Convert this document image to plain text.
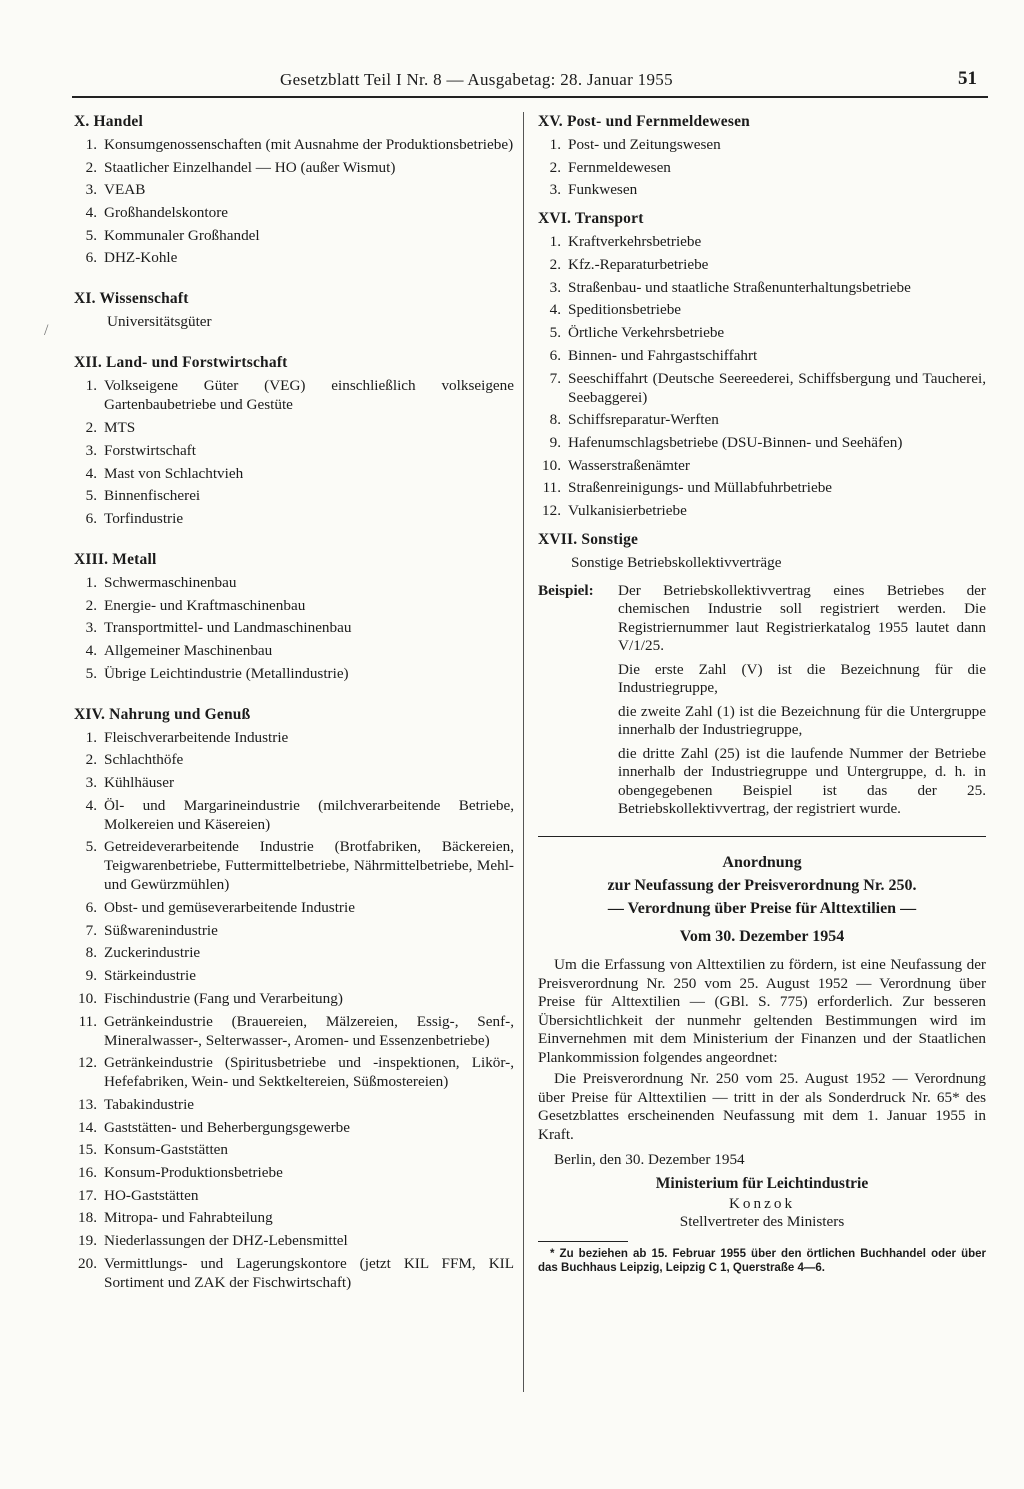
Gesetzblatt Teil I Nr. 8 — Ausgabetag: 28. Januar 1955	51
/
X. Handel
1. Konsumgenossenschaften (mit Ausnahme der Produktionsbetriebe)
2. Staatlicher Einzelhandel — HO (außer Wismut)
3. VEAB
4. Großhandelskontore
5. Kommunaler Großhandel
6. DHZ-Kohle
XI. Wissenschaft
Universitätsgüter
XII. Land- und Forstwirtschaft
1. Volkseigene Güter (VEG) einschließlich volkseigene Gartenbaubetriebe und Gestüte
2. MTS
3. Forstwirtschaft
4. Mast von Schlachtvieh
5. Binnenfischerei
6. Torfindustrie
XIII. Metall
1. Schwermaschinenbau
2. Energie- und Kraftmaschinenbau
3. Transportmittel- und Landmaschinenbau
4. Allgemeiner Maschinenbau
5. Übrige Leichtindustrie (Metallindustrie)
XIV. Nahrung und Genuß
1. Fleischverarbeitende Industrie
2. Schlachthöfe
3. Kühlhäuser
4. Öl- und Margarineindustrie (milchverarbeitende Betriebe, Molkereien und Käsereien)
5. Getreideverarbeitende Industrie (Brotfabriken, Bäckereien, Teigwarenbetriebe, Futtermittelbetriebe, Nährmittelbetriebe, Mehl- und Gewürzmühlen)
6. Obst- und gemüseverarbeitende Industrie
7. Süßwarenindustrie
8. Zuckerindustrie
9. Stärkeindustrie
10. Fischindustrie (Fang und Verarbeitung)
11. Getränkeindustrie (Brauereien, Mälzereien, Essig-, Senf-, Mineralwasser-, Selterwasser-, Aromen- und Essenzenbetriebe)
12. Getränkeindustrie (Spiritusbetriebe und -inspektionen, Likör-, Hefefabriken, Wein- und Sektkeltereien, Süßmostereien)
13. Tabakindustrie
14. Gaststätten- und Beherbergungsgewerbe
15. Konsum-Gaststätten
16. Konsum-Produktionsbetriebe
17. HO-Gaststätten
18. Mitropa- und Fahrabteilung
19. Niederlassungen der DHZ-Lebensmittel
20. Vermittlungs- und Lagerungskontore (jetzt KIL FFM, KIL Sortiment und ZAK der Fischwirtschaft)
XV. Post- und Fernmeldewesen
1. Post- und Zeitungswesen
2. Fernmeldewesen
3. Funkwesen
XVI. Transport
1. Kraftverkehrsbetriebe
2. Kfz.-Reparaturbetriebe
3. Straßenbau- und staatliche Straßenunterhaltungsbetriebe
4. Speditionsbetriebe
5. Örtliche Verkehrsbetriebe
6. Binnen- und Fahrgastschiffahrt
7. Seeschiffahrt (Deutsche Seereederei, Schiffsbergung und Taucherei, Seebaggerei)
8. Schiffsreparatur-Werften
9. Hafenumschlagsbetriebe (DSU-Binnen- und Seehäfen)
10. Wasserstraßenämter
11. Straßenreinigungs- und Müllabfuhrbetriebe
12. Vulkanisierbetriebe
XVII. Sonstige
Sonstige Betriebskollektivverträge
Beispiel:	Der Betriebskollektivvertrag eines Betriebes der chemischen Industrie soll registriert werden. Die Registriernummer laut Registrierkatalog 1955 lautet dann V/1/25.

Die erste Zahl (V) ist die Bezeichnung für die Industriegruppe,

die zweite Zahl (1) ist die Bezeichnung für die Untergruppe innerhalb der Industriegruppe,

die dritte Zahl (25) ist die laufende Nummer der Betriebe innerhalb der Industriegruppe und Untergruppe, d. h. in obengegebenen Beispiel ist das der 25. Betriebskollektivvertrag, der registriert wurde.

Anordnung
zur Neufassung der Preisverordnung Nr. 250.
— Verordnung über Preise für Alttextilien —
Vom 30. Dezember 1954

Um die Erfassung von Alttextilien zu fördern, ist eine Neufassung der Preisverordnung Nr. 250 vom 25. August 1952 — Verordnung über Preise für Alttextilien — (GBl. S. 775) erforderlich. Zur besseren Übersichtlichkeit der nunmehr geltenden Bestimmungen wird im Einvernehmen mit dem Ministerium der Finanzen und der Staatlichen Plankommission folgendes angeordnet:

Die Preisverordnung Nr. 250 vom 25. August 1952 — Verordnung über Preise für Alttextilien — tritt in der als Sonderdruck Nr. 65* des Gesetzblattes erscheinenden Neufassung mit dem 1. Januar 1955 in Kraft.

Berlin, den 30. Dezember 1954
Ministerium für Leichtindustrie
Konzok
Stellvertreter des Ministers
* Zu beziehen ab 15. Februar 1955 über den örtlichen Buchhandel oder über das Buchhaus Leipzig, Leipzig C 1, Querstraße 4—6.
